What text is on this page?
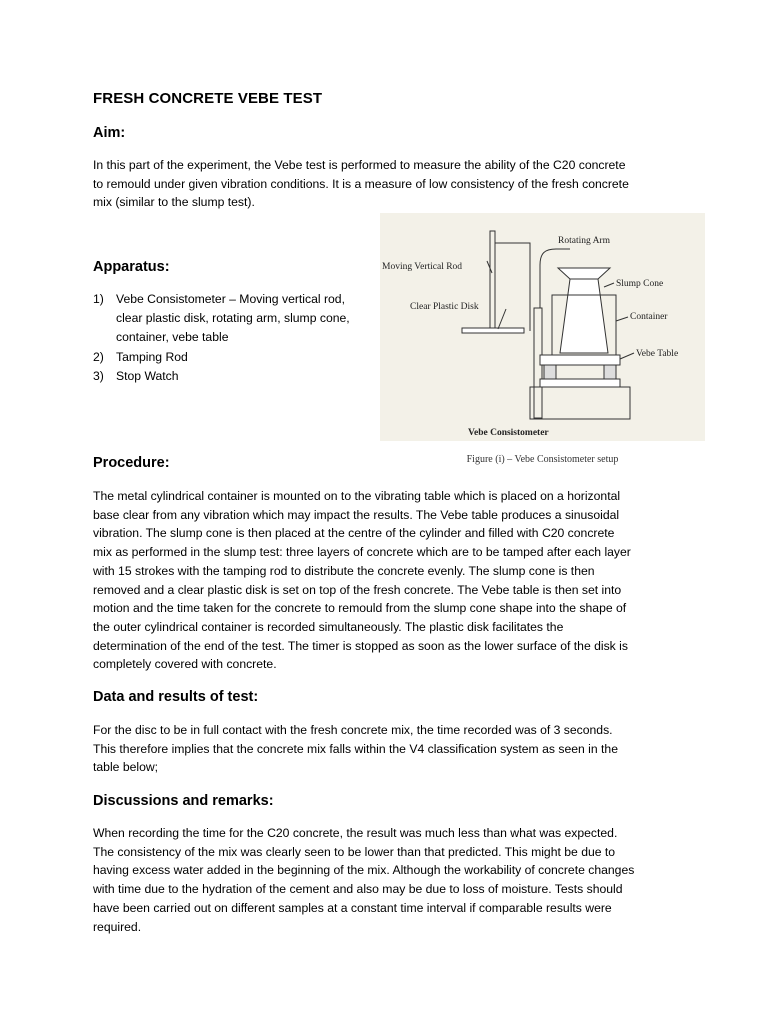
FRESH CONCRETE VEBE TEST
Aim:

In this part of the experiment, the Vebe test is performed to measure the ability of the C20 concrete
to remould under given vibration conditions. It is a measure of low consistency of the fresh concrete
mix (similar to the slump test).

Apparatus:
1) Vebe Consistometer – Moving vertical rod,
clear plastic disk, rotating arm, slump cone,
container, vebe table
2) Tamping Rod
3) Stop Watch
Rotating Arm
Moving Vertical Rod
Slump Cone
Clear Plastic Disk
Container
Vebe Table
Vebe Consistometer
Figure (i) – Vebe Consistometer setup
Procedure:

The metal cylindrical container is mounted on to the vibrating table which is placed on a horizontal
base clear from any vibration which may impact the results. The Vebe table produces a sinusoidal
vibration. The slump cone is then placed at the centre of the cylinder and filled with C20 concrete
mix as performed in the slump test: three layers of concrete which are to be tamped after each layer
with 15 strokes with the tamping rod to distribute the concrete evenly. The slump cone is then
removed and a clear plastic disk is set on top of the fresh concrete. The Vebe table is then set into
motion and the time taken for the concrete to remould from the slump cone shape into the shape of
the outer cylindrical container is recorded simultaneously. The plastic disk facilitates the
determination of the end of the test. The timer is stopped as soon as the lower surface of the disk is
completely covered with concrete.

Data and results of test:

For the disc to be in full contact with the fresh concrete mix, the time recorded was of 3 seconds.
This therefore implies that the concrete mix falls within the V4 classification system as seen in the
table below;

Discussions and remarks:

When recording the time for the C20 concrete, the result was much less than what was expected.
The consistency of the mix was clearly seen to be lower than that predicted. This might be due to
having excess water added in the beginning of the mix. Although the workability of concrete changes
with time due to the hydration of the cement and also may be due to loss of moisture. Tests should
have been carried out on different samples at a constant time interval if comparable results were
required.
